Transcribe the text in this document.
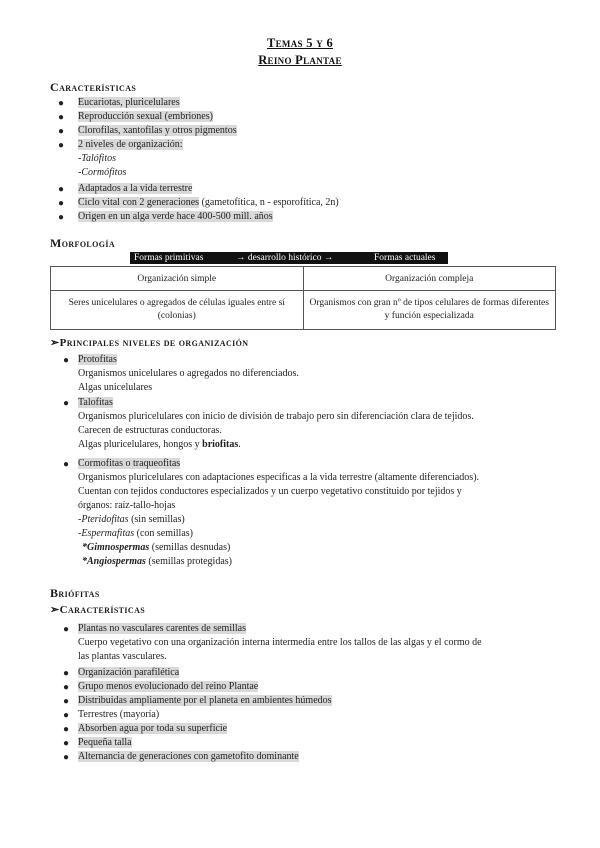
Temas 5 y 6
Reino Plantae
Características
● Eucariotas, pluricelulares
● Reproducción sexual (embriones)
● Clorofilas, xantofilas y otros pigmentos
● 2 niveles de organización:
-Talófitos
-Cormófitos
● Adaptados a la vida terrestre
● Ciclo vital con 2 generaciones (gametofítica, n - esporofítica, 2n)
● Origen en un alga verde hace 400-500 mill. años
Morfología
Formas primitivas	→ desarrollo histórico →	Formas actuales
Organización simple	Organización compleja
Seres unicelulares o agregados de células iguales entre sí (colonias)	Organismos con gran nº de tipos celulares de formas diferentes y función especializada
➢Principales niveles de organización
● Protofitas
Organismos unicelulares o agregados no diferenciados.
Algas unicelulares
● Talofitas
Organismos pluricelulares con inicio de división de trabajo pero sin diferenciación clara de tejidos.
Carecen de estructuras conductoras.
Algas pluricelulares, hongos y briofitas.
● Cormofitas o traqueofitas
Organismos pluricelulares con adaptaciones específicas a la vida terrestre (altamente diferenciados).
Cuentan con tejidos conductores especializados y un cuerpo vegetativo constituido por tejidos y
órganos: raíz-tallo-hojas
-Pteridofitas (sin semillas)
-Espermafitas (con semillas)
*Gimnospermas (semillas desnudas)
*Angiospermas (semillas protegidas)
Briófitas
➢Características
● Plantas no vasculares carentes de semillas
Cuerpo vegetativo con una organización interna intermedia entre los tallos de las algas y el cormo de
las plantas vasculares.
● Organización parafilética
● Grupo menos evolucionado del reino Plantae
● Distribuidas ampliamente por el planeta en ambientes húmedos
● Terrestres (mayoría)
● Absorben agua por toda su superficie
● Pequeña talla
● Alternancia de generaciones con gametofito dominante
